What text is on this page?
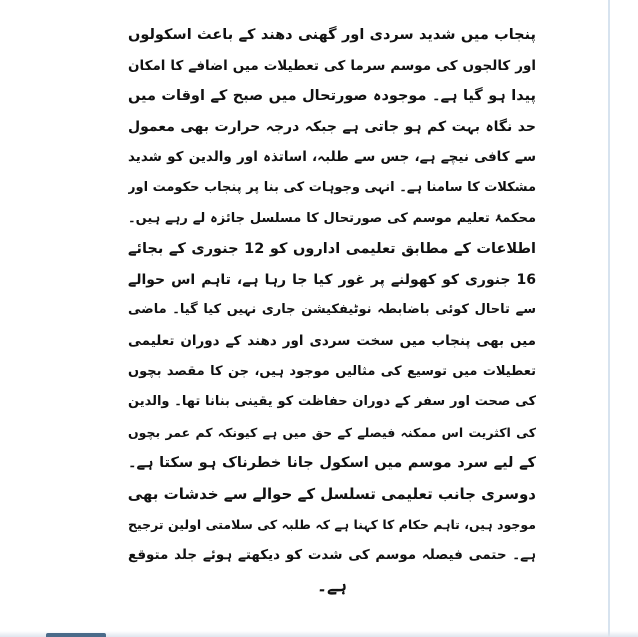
پنجاب میں شدید سردی اور گھنی دھند کے باعث اسکولوں
اور کالجوں کی موسم سرما کی تعطیلات میں اضافے کا امکان
پیدا ہو گیا ہے۔ موجودہ صورتحال میں صبح کے اوقات میں
حد نگاہ بہت کم ہو جاتی ہے جبکہ درجہ حرارت بھی معمول
سے کافی نیچے ہے، جس سے طلبہ، اساتذہ اور والدین کو شدید
مشکلات کا سامنا ہے۔ انہی وجوہات کی بنا پر پنجاب حکومت اور
محکمۂ تعلیم موسم کی صورتحال کا مسلسل جائزہ لے رہے ہیں۔
اطلاعات کے مطابق تعلیمی اداروں کو 12 جنوری کے بجائے
16 جنوری کو کھولنے پر غور کیا جا رہا ہے، تاہم اس حوالے
سے تاحال کوئی باضابطہ نوٹیفکیشن جاری نہیں کیا گیا۔ ماضی
میں بھی پنجاب میں سخت سردی اور دھند کے دوران تعلیمی
تعطیلات میں توسیع کی مثالیں موجود ہیں، جن کا مقصد بچوں
کی صحت اور سفر کے دوران حفاظت کو یقینی بنانا تھا۔ والدین
کی اکثریت اس ممکنہ فیصلے کے حق میں ہے کیونکہ کم عمر بچوں
کے لیے سرد موسم میں اسکول جانا خطرناک ہو سکتا ہے۔
دوسری جانب تعلیمی تسلسل کے حوالے سے خدشات بھی
موجود ہیں، تاہم حکام کا کہنا ہے کہ طلبہ کی سلامتی اولین ترجیح
ہے۔ حتمی فیصلہ موسم کی شدت کو دیکھتے ہوئے جلد متوقع
ہے۔
